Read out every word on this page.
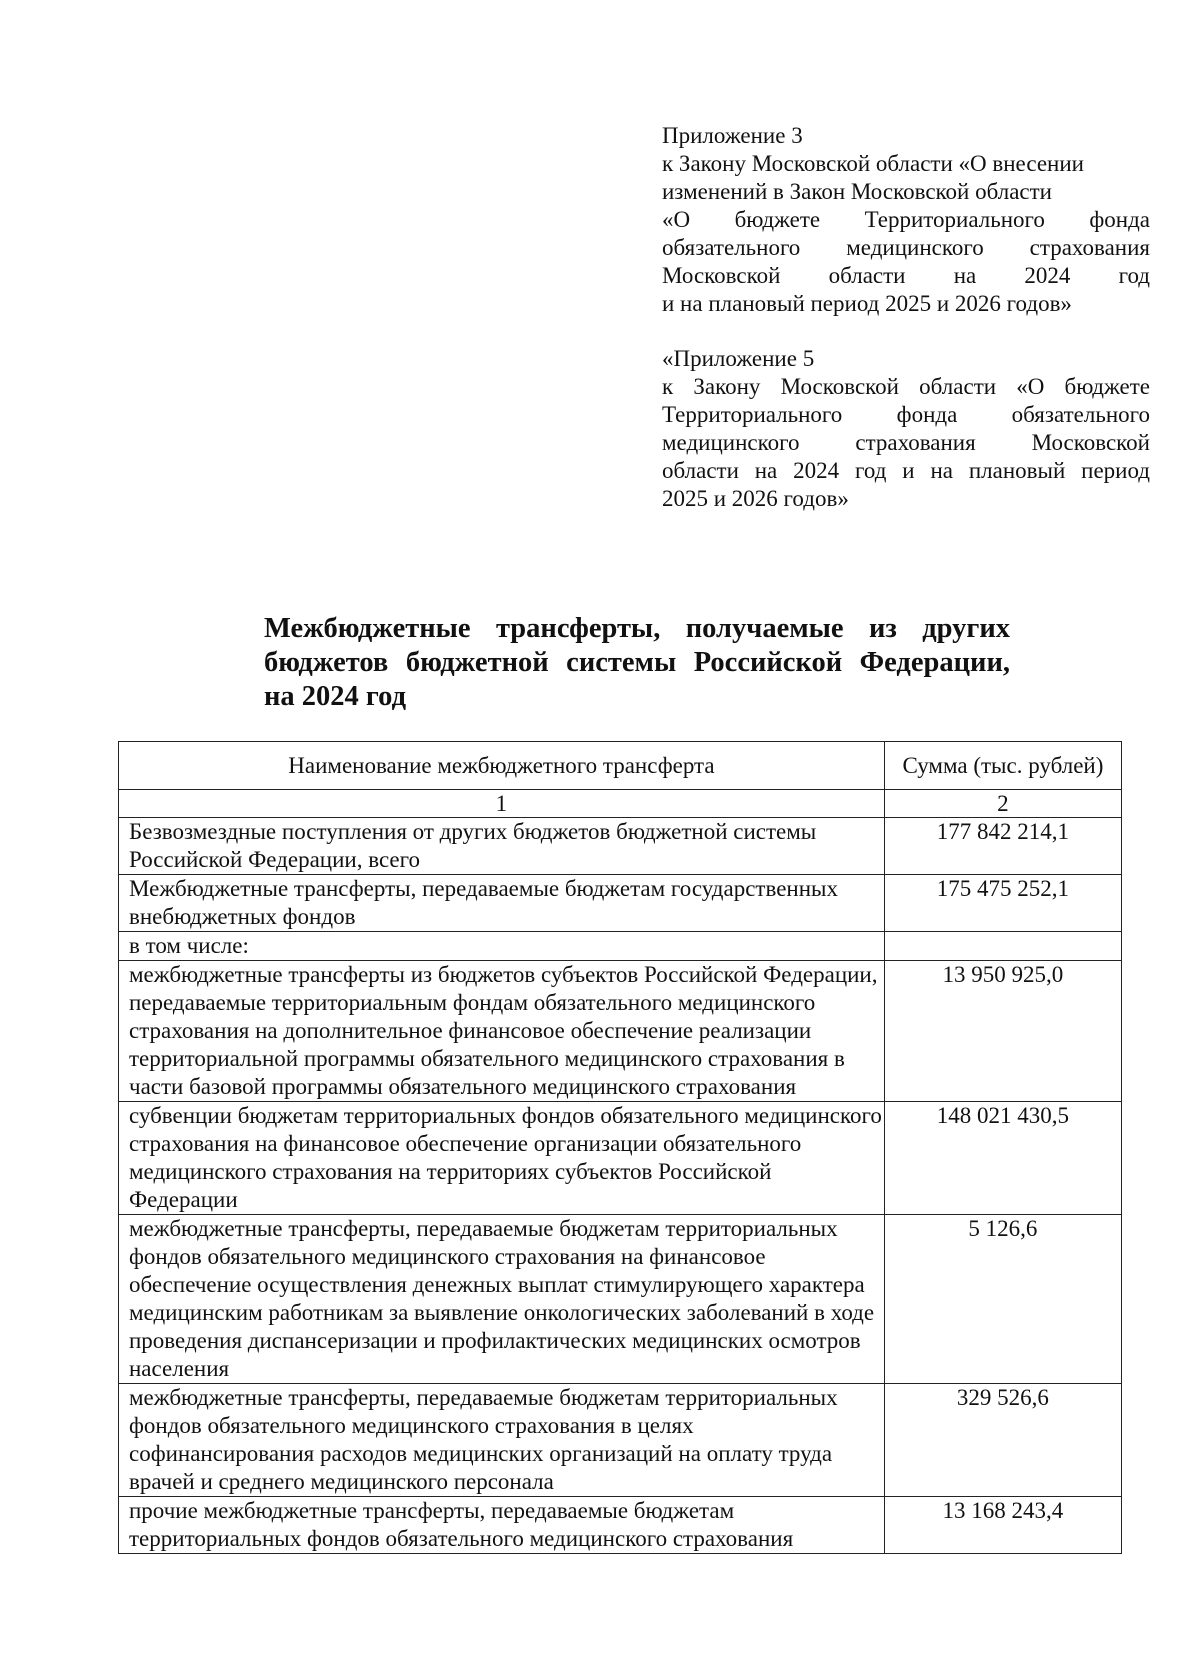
Приложение 3

к Закону Московской области «О внесении

изменений в Закон Московской области

«О бюджете Территориального фонда

обязательного медицинского страхования

Московской области на 2024 год

и на плановый период 2025 и 2026 годов»

«Приложение 5

к Закону Московской области «О бюджете

Территориального фонда обязательного

медицинского страхования Московской

области на 2024 год и на плановый период

2025 и 2026 годов»

Межбюджетные трансферты, получаемые из других
бюджетов бюджетной системы Российской Федерации,
на 2024 год
Наименование межбюджетного трансферта	Сумма (тыс. рублей)
1	2
Безвозмездные поступления от других бюджетов бюджетной системы Российской Федерации, всего	177 842 214,1
Межбюджетные трансферты, передаваемые бюджетам государственных внебюджетных фондов	175 475 252,1
в том числе:	
межбюджетные трансферты из бюджетов субъектов Российской Федерации, передаваемые территориальным фондам обязательного медицинского страхования на дополнительное финансовое обеспечение реализации территориальной программы обязательного медицинского страхования в части базовой программы обязательного медицинского страхования	13 950 925,0
субвенции бюджетам территориальных фондов обязательного медицинского страхования на финансовое обеспечение организации обязательного медицинского страхования на территориях субъектов Российской Федерации	148 021 430,5
межбюджетные трансферты, передаваемые бюджетам территориальных фондов обязательного медицинского страхования на финансовое обеспечение осуществления денежных выплат стимулирующего характера медицинским работникам за выявление онкологических заболеваний в ходе проведения диспансеризации и профилактических медицинских осмотров населения	5 126,6
межбюджетные трансферты, передаваемые бюджетам территориальных фондов обязательного медицинского страхования в целях софинансирования расходов медицинских организаций на оплату труда врачей и среднего медицинского персонала	329 526,6
прочие межбюджетные трансферты, передаваемые бюджетам территориальных фондов обязательного медицинского страхования	13 168 243,4
